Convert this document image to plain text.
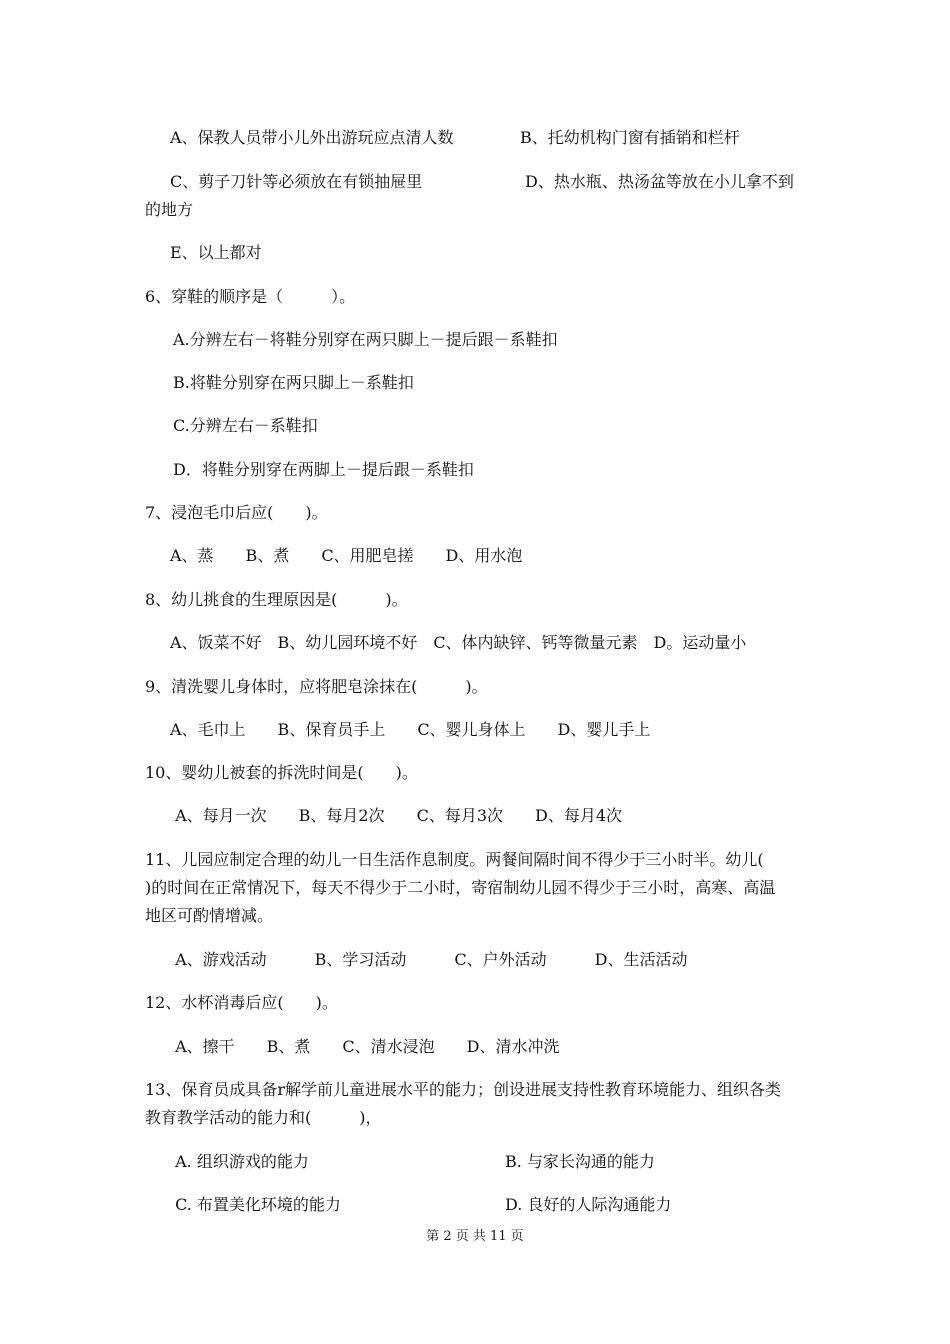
A、保教人员带小儿外出游玩应点清人数	B、托幼机构门窗有插销和栏杆
C、剪子刀针等必须放在有锁抽屉里	D、热水瓶、热汤盆等放在小儿拿不到
的地方
E、以上都对
6、穿鞋的顺序是（　　　）。
A.分辨左右－将鞋分别穿在两只脚上－提后跟－系鞋扣
B.将鞋分别穿在两只脚上－系鞋扣
C.分辨左右－系鞋扣
D．将鞋分别穿在两脚上－提后跟－系鞋扣
7、浸泡毛巾后应(　　)。
A、蒸　　B、煮　　C、用肥皂搓　　D、用水泡
8、幼儿挑食的生理原因是(　　　)。
A、饭菜不好　B、幼儿园环境不好　C、体内缺锌、钙等微量元素　D。运动量小
9、清洗婴儿身体时，应将肥皂涂抹在(　　　)。
A、毛巾上　　B、保育员手上　　C、婴儿身体上　　D、婴儿手上
10、婴幼儿被套的拆洗时间是(　　)。
A、每月一次　　B、每月2次　　C、每月3次　　D、每月4次
11、儿园应制定合理的幼儿一日生活作息制度。两餐间隔时间不得少于三小时半。幼儿(
)的时间在正常情况下，每天不得少于二小时，寄宿制幼儿园不得少于三小时，高寒、高温
地区可酌情增减。
A、游戏活动　　　B、学习活动　　　C、户外活动　　　D、生活活动
12、水杯消毒后应(　　)。
A、擦干　　B、煮　　C、清水浸泡　　D、清水冲洗
13、保育员成具备r解学前儿童进展水平的能力；创设进展支持性教育环境能力、组织各类
教育教学活动的能力和(　　　)，
A. 组织游戏的能力	B. 与家长沟通的能力
C. 布置美化环境的能力	D. 良好的人际沟通能力
第 2 页 共 11 页
